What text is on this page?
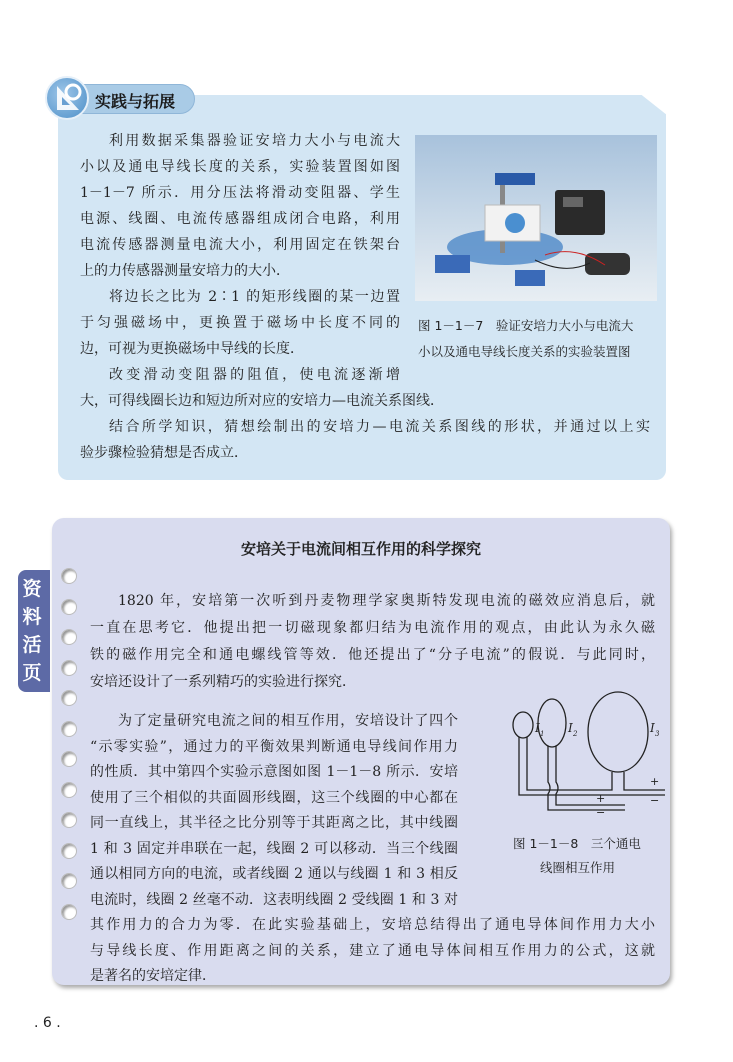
实践与拓展
利用数据采集器验证安培力大小与电流大
小以及通电导线长度的关系，实验装置图如图
1－1－7 所示．用分压法将滑动变阻器、学生
电源、线圈、电流传感器组成闭合电路，利用
电流传感器测量电流大小，利用固定在铁架台
上的力传感器测量安培力的大小．
将边长之比为 2∶1 的矩形线圈的某一边置
于匀强磁场中，更换置于磁场中长度不同的
边，可视为更换磁场中导线的长度．
改变滑动变阻器的阻值，使电流逐渐增
大，可得线圈长边和短边所对应的安培力—电流关系图线．
结合所学知识，猜想绘制出的安培力—电流关系图线的形状，并通过以上实
验步骤检验猜想是否成立．
图 1－1－7　验证安培力大小与电流大
小以及通电导线长度关系的实验装置图
资料活页
安培关于电流间相互作用的科学探究
1820 年，安培第一次听到丹麦物理学家奥斯特发现电流的磁效应消息后，就
一直在思考它．他提出把一切磁现象都归结为电流作用的观点，由此认为永久磁
铁的磁作用完全和通电螺线管等效．他还提出了“分子电流”的假说．与此同时，
安培还设计了一系列精巧的实验进行探究．
为了定量研究电流之间的相互作用，安培设计了四个
“示零实验”，通过力的平衡效果判断通电导线间作用力
的性质．其中第四个实验示意图如图 1－1－8 所示．安培
使用了三个相似的共面圆形线圈，这三个线圈的中心都在
同一直线上，其半径之比分别等于其距离之比，其中线圈
1 和 3 固定并串联在一起，线圈 2 可以移动．当三个线圈
通以相同方向的电流，或者线圈 2 通以与线圈 1 和 3 相反
电流时，线圈 2 丝毫不动．这表明线圈 2 受线圈 1 和 3 对
其作用力的合力为零．在此实验基础上，安培总结得出了通电导体间作用力大小
与导线长度、作用距离之间的关系，建立了通电导体间相互作用力的公式，这就
是著名的安培定律．
I 1 I 2	I 3
+
−
+
−
图 1－1－8　三个通电
线圈相互作用
. 6 .
